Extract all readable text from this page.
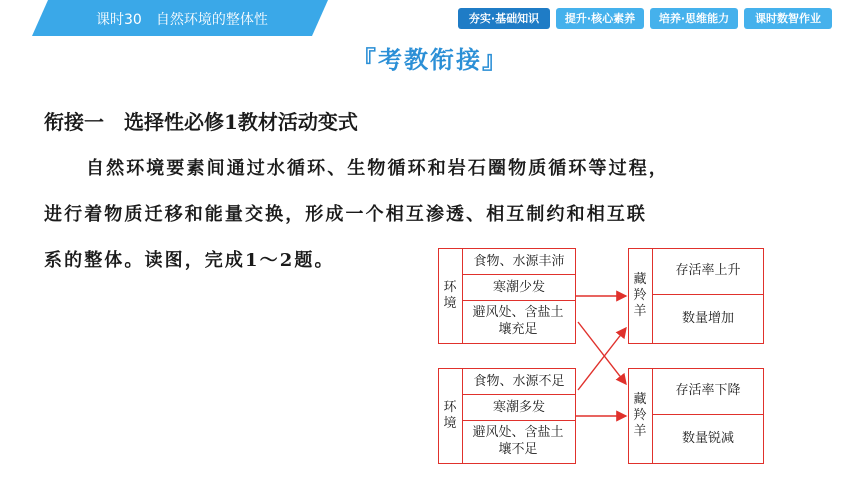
课时30 自然环境的整体性	夯实·基础知识	提升·核心素养	培养·思维能力	课时数智作业
『考教衔接』
衔接一　选择性必修1教材活动变式
自然环境要素间通过水循环、生物循环和岩石圈物质循环等过程，
进行着物质迁移和能量交换，形成一个相互渗透、相互制约和相互联
系的整体。读图，完成1～2题。
环境
食物、水源丰沛
寒潮少发
避风处、含盐土壤充足
环境
食物、水源不足
寒潮多发
避风处、含盐土壤不足
藏羚羊
存活率上升
数量增加
藏羚羊
存活率下降
数量锐减
